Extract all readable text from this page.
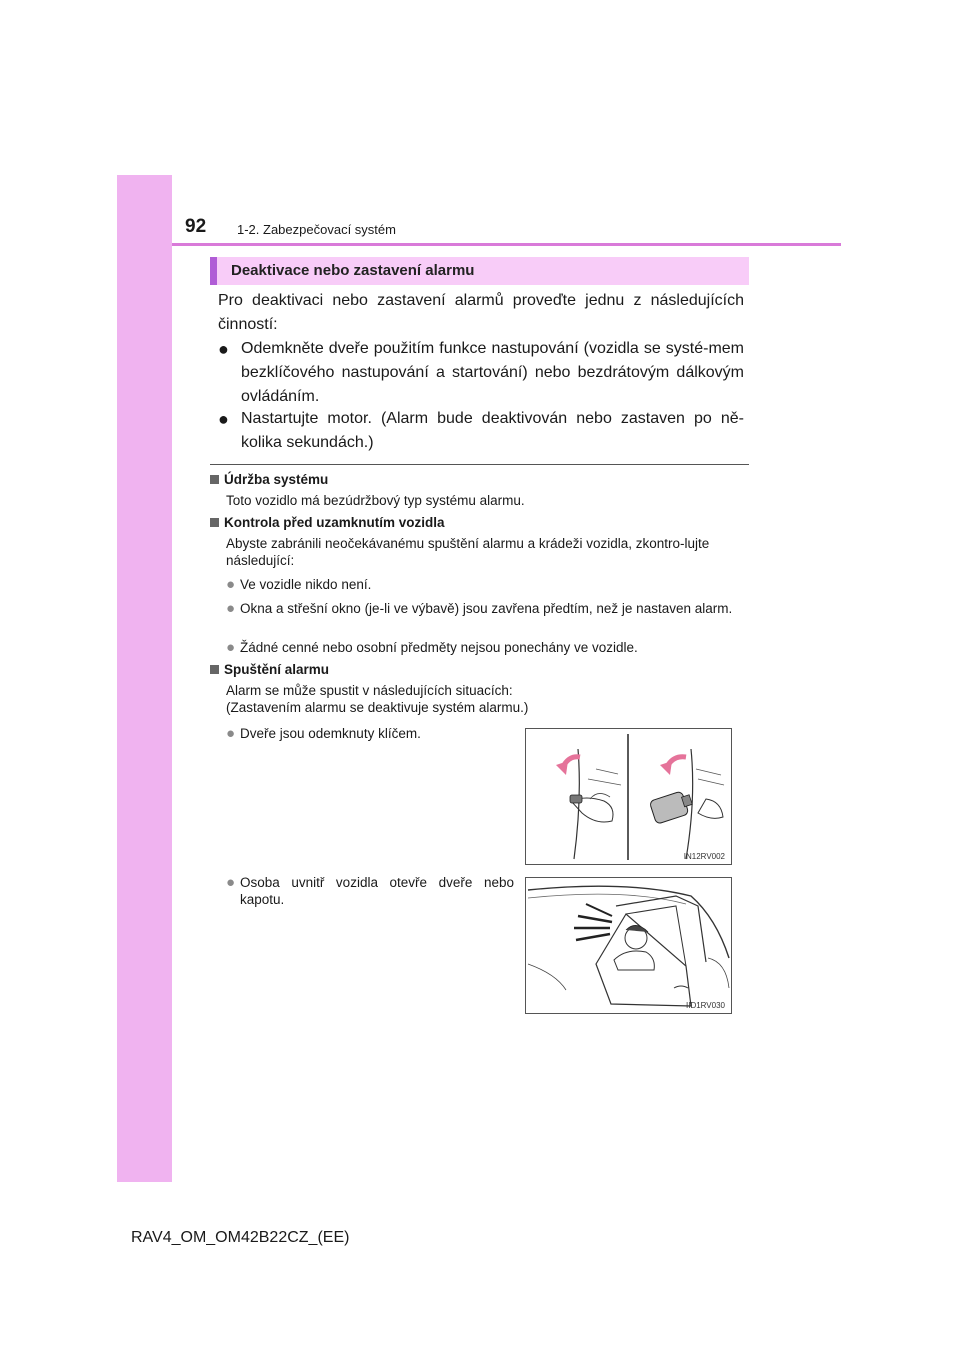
92 1-2. Zabezpečovací systém
Deaktivace nebo zastavení alarmu
Pro deaktivaci nebo zastavení alarmů proveďte jednu z následujících činností:
● Odemkněte dveře použitím funkce nastupování (vozidla se systé-mem bezklíčového nastupování a startování) nebo bezdrátovým dálkovým ovládáním.
● Nastartujte motor. (Alarm bude deaktivován nebo zastaven po ně-kolika sekundách.)
Údržba systému
Toto vozidlo má bezúdržbový typ systému alarmu.
Kontrola před uzamknutím vozidla
Abyste zabránili neočekávanému spuštění alarmu a krádeži vozidla, zkontro-lujte následující:
● Ve vozidle nikdo není.
● Okna a střešní okno (je-li ve výbavě) jsou zavřena předtím, než je nastaven alarm.
● Žádné cenné nebo osobní předměty nejsou ponechány ve vozidle.
Spuštění alarmu
Alarm se může spustit v následujících situacích:
(Zastavením alarmu se deaktivuje systém alarmu.)
● Dveře jsou odemknuty klíčem.
● Osoba uvnitř vozidla otevře dveře nebo kapotu.
IN12RV002
IID1RV030
RAV4_OM_OM42B22CZ_(EE)
